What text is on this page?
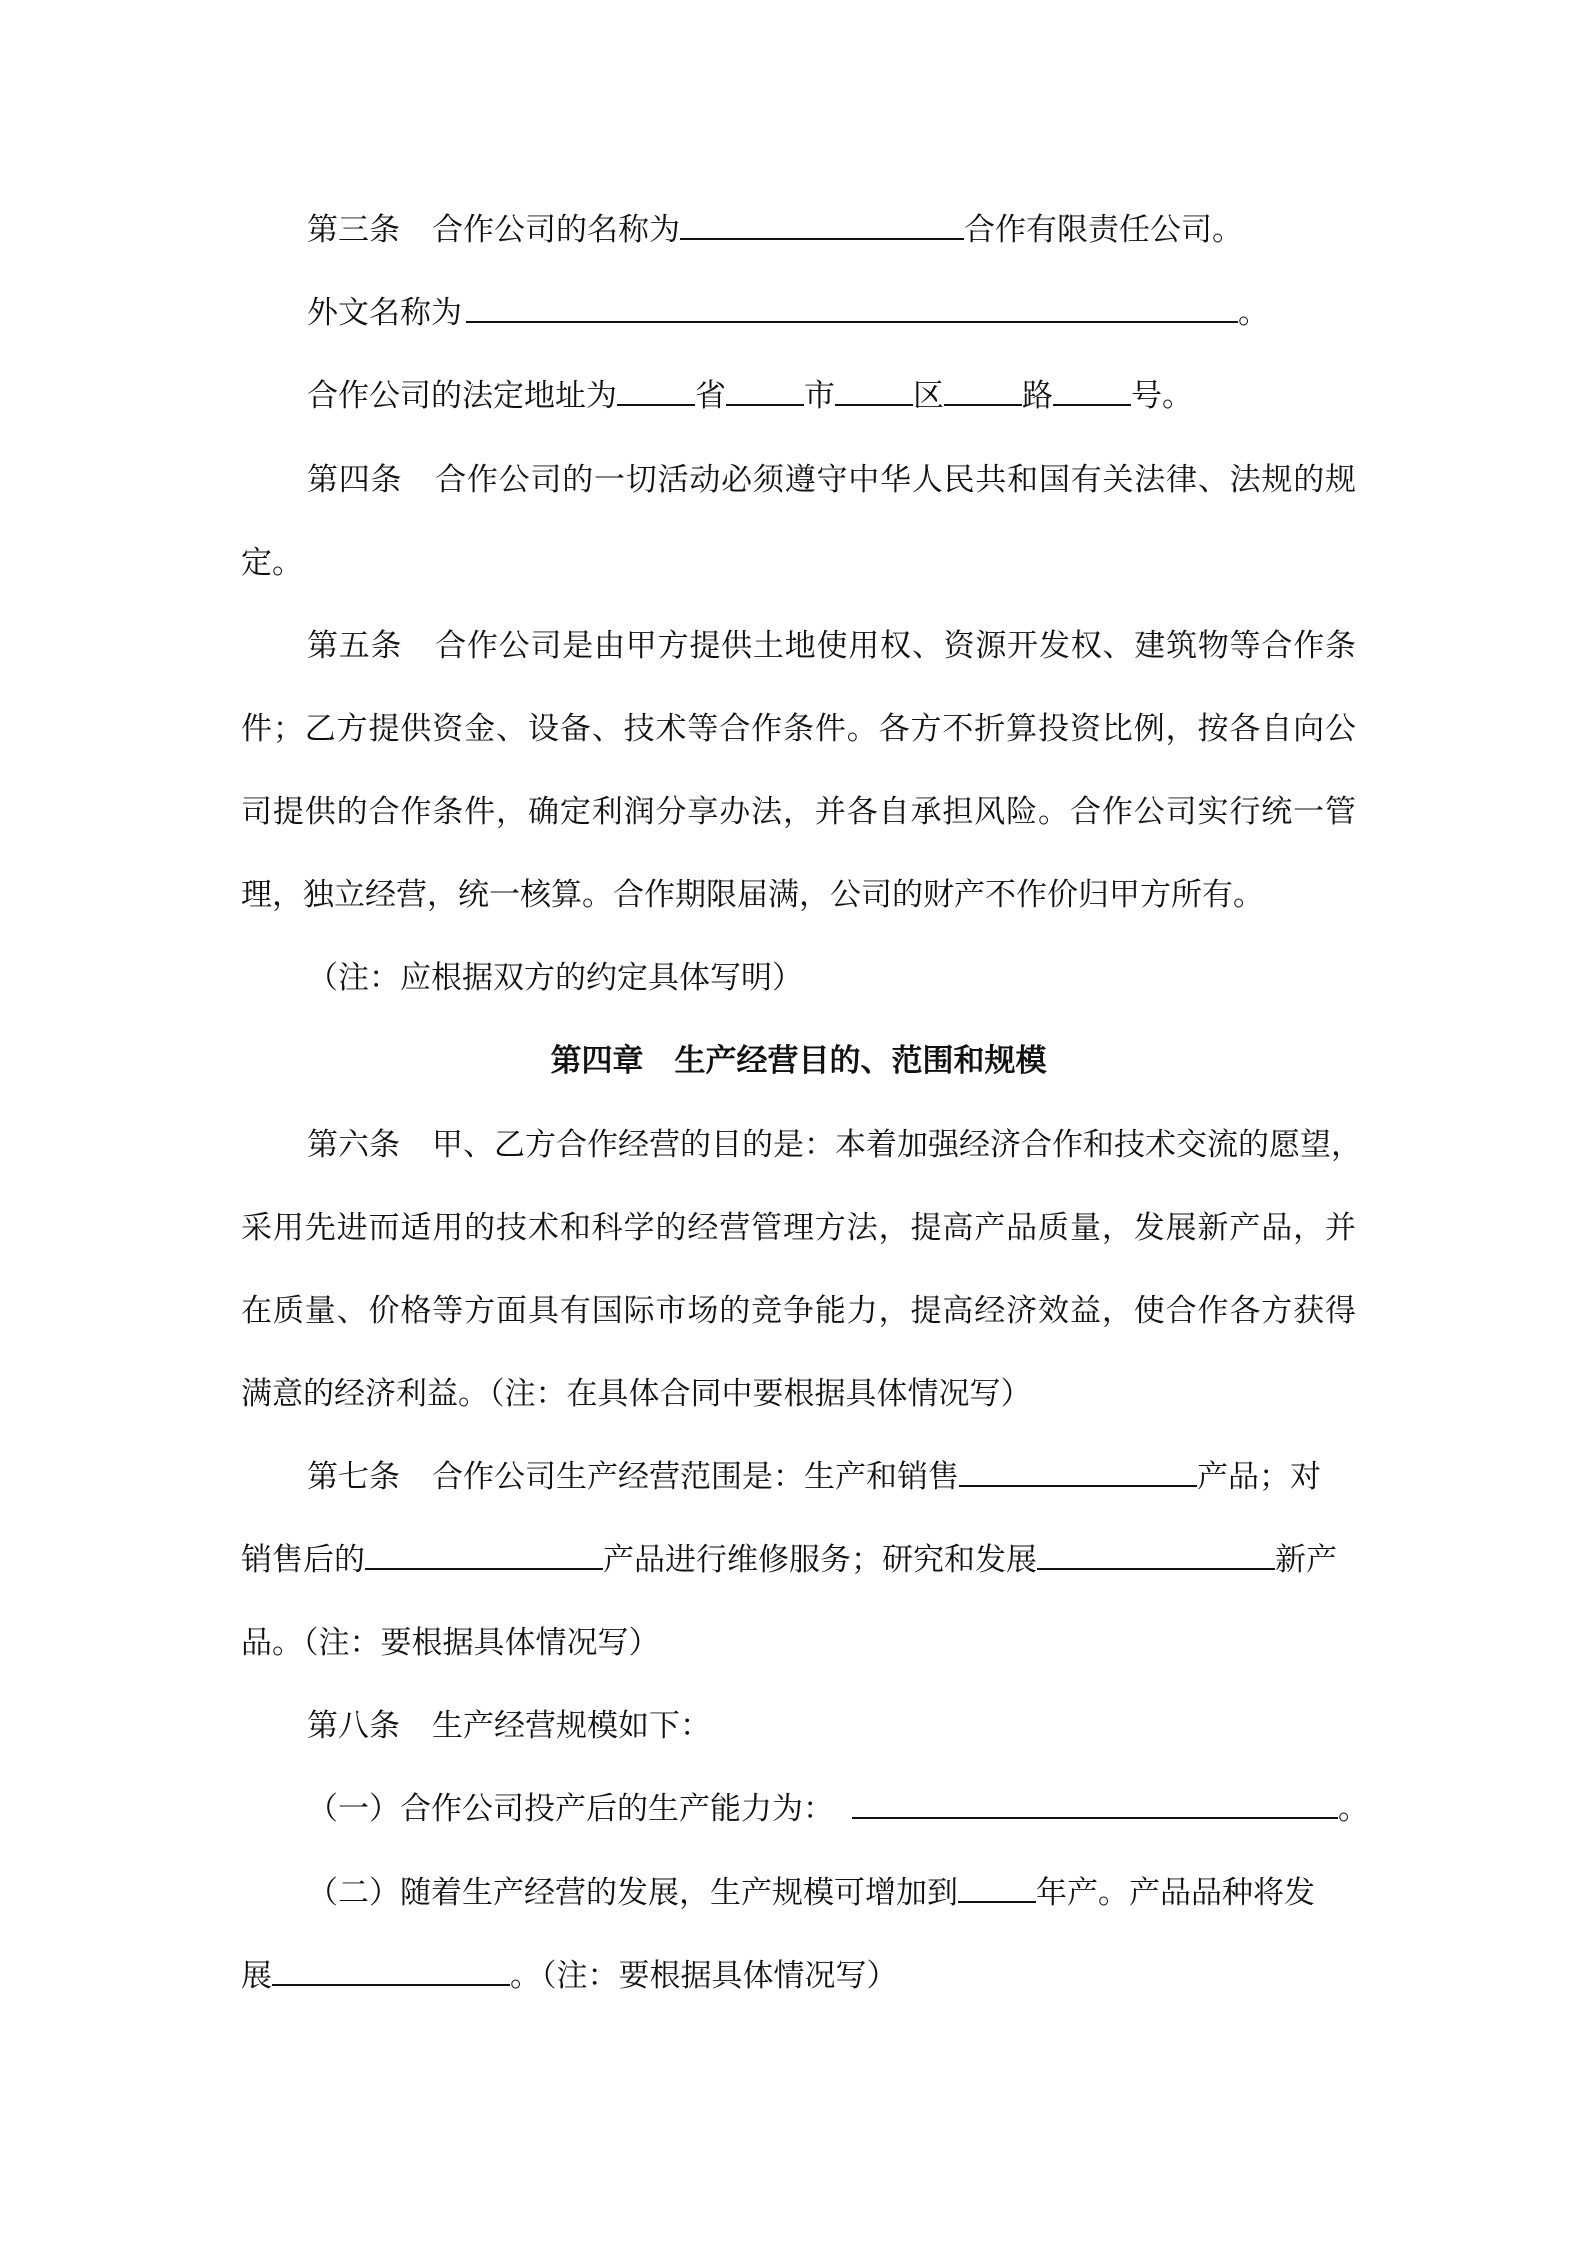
第三条 合作公司的名称为	合作有限责任公司。
外文名称为	。
合作公司的法定地址为	省	市	区	路	号。
第四条 合作公司的一切活动必须遵守中华人民共和国有关法律、法规的规
定。
第五条 合作公司是由甲方提供土地使用权、资源开发权、建筑物等合作条
件；乙方提供资金、设备、技术等合作条件。各方不折算投资比例，按各自向公
司提供的合作条件，确定利润分享办法，并各自承担风险。合作公司实行统一管
理，独立经营，统一核算。合作期限届满，公司的财产不作价归甲方所有。
（注：应根据双方的约定具体写明）
第四章　生产经营目的、范围和规模
第六条 甲、乙方合作经营的目的是：本着加强经济合作和技术交流的愿望，
采用先进而适用的技术和科学的经营管理方法，提高产品质量，发展新产品，并
在质量、价格等方面具有国际市场的竞争能力，提高经济效益，使合作各方获得
满意的经济利益。（注：在具体合同中要根据具体情况写）
第七条 合作公司生产经营范围是：生产和销售	产品；对
销售后的	产品进行维修服务；研究和发展	新产
品。（注：要根据具体情况写）
第八条 生产经营规模如下：
（一）合作公司投产后的生产能力为：	。
（二）随着生产经营的发展，生产规模可增加到	年产。产品品种将发
展	。（注：要根据具体情况写）
